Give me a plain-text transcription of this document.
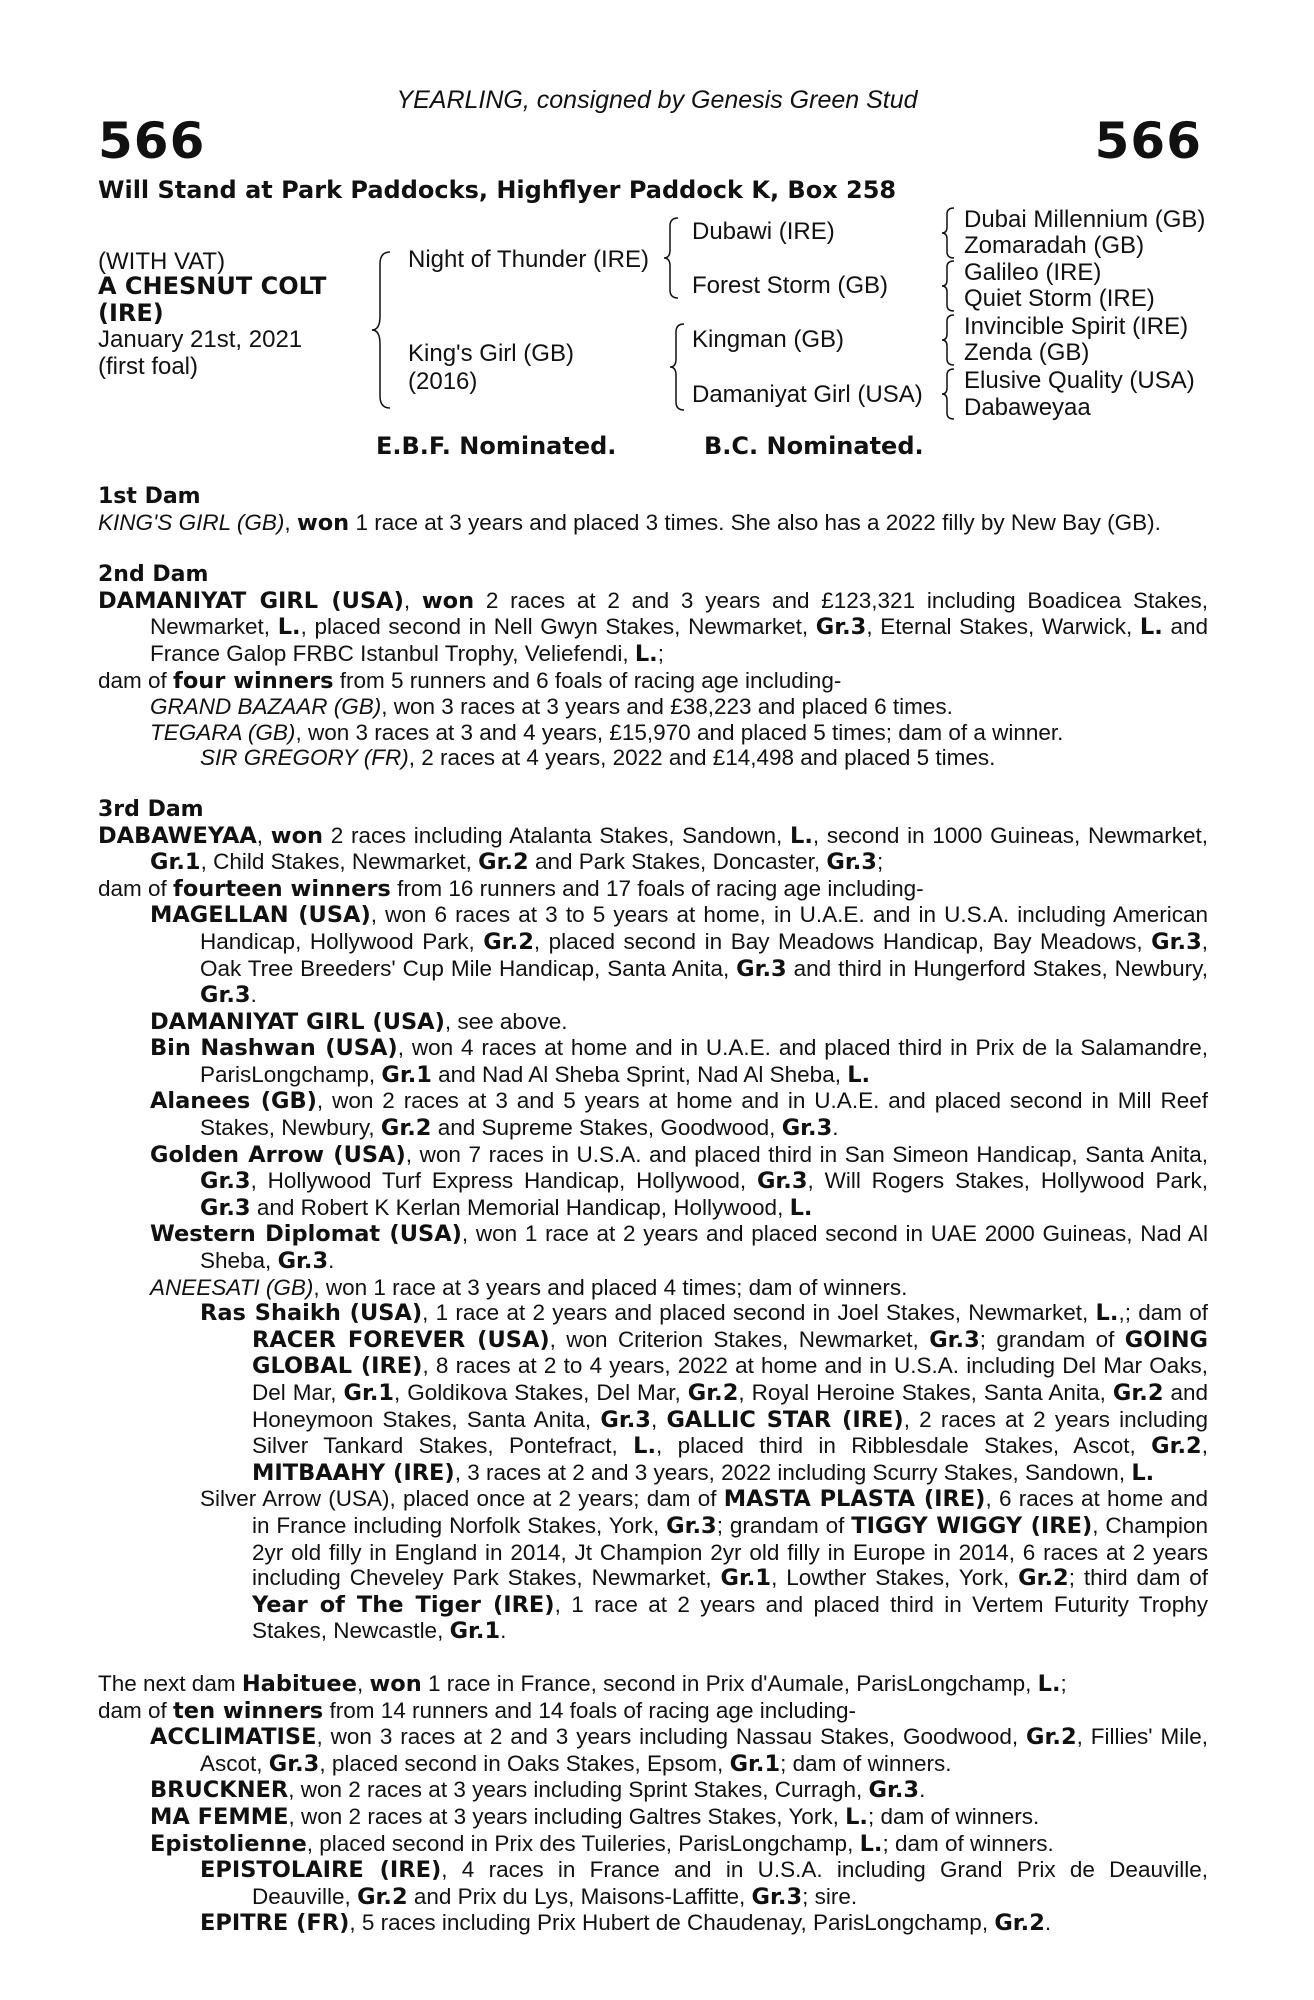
YEARLING, consigned by Genesis Green Stud
566	566
Will Stand at Park Paddocks, Highflyer Paddock K, Box 258
(WITH VAT)
A CHESNUT COLT
(IRE)
January 21st, 2021
(first foal)
Night of Thunder (IRE)
King's Girl (GB)
(2016)
Dubawi (IRE)
Forest Storm (GB)
Kingman (GB)
Damaniyat Girl (USA)
Dubai Millennium (GB)
Zomaradah (GB)
Galileo (IRE)
Quiet Storm (IRE)
Invincible Spirit (IRE)
Zenda (GB)
Elusive Quality (USA)
Dabaweyaa
E.B.F. Nominated.	B.C. Nominated.
1st Dam
KING'S GIRL (GB), won 1 race at 3 years and placed 3 times. She also has a 2022 filly by New Bay (GB).
2nd Dam
DAMANIYAT GIRL (USA), won 2 races at 2 and 3 years and £123,321 including Boadicea Stakes, Newmarket, L., placed second in Nell Gwyn Stakes, Newmarket, Gr.3, Eternal Stakes, Warwick, L. and France Galop FRBC Istanbul Trophy, Veliefendi, L.;
dam of four winners from 5 runners and 6 foals of racing age including-
GRAND BAZAAR (GB), won 3 races at 3 years and £38,223 and placed 6 times.
TEGARA (GB), won 3 races at 3 and 4 years, £15,970 and placed 5 times; dam of a winner.
SIR GREGORY (FR), 2 races at 4 years, 2022 and £14,498 and placed 5 times.
3rd Dam
DABAWEYAA, won 2 races including Atalanta Stakes, Sandown, L., second in 1000 Guineas, Newmarket, Gr.1, Child Stakes, Newmarket, Gr.2 and Park Stakes, Doncaster, Gr.3;
dam of fourteen winners from 16 runners and 17 foals of racing age including-
MAGELLAN (USA), won 6 races at 3 to 5 years at home, in U.A.E. and in U.S.A. including American Handicap, Hollywood Park, Gr.2, placed second in Bay Meadows Handicap, Bay Meadows, Gr.3, Oak Tree Breeders' Cup Mile Handicap, Santa Anita, Gr.3 and third in Hungerford Stakes, Newbury, Gr.3.
DAMANIYAT GIRL (USA), see above.
Bin Nashwan (USA), won 4 races at home and in U.A.E. and placed third in Prix de la Salamandre, ParisLongchamp, Gr.1 and Nad Al Sheba Sprint, Nad Al Sheba, L.
Alanees (GB), won 2 races at 3 and 5 years at home and in U.A.E. and placed second in Mill Reef Stakes, Newbury, Gr.2 and Supreme Stakes, Goodwood, Gr.3.
Golden Arrow (USA), won 7 races in U.S.A. and placed third in San Simeon Handicap, Santa Anita, Gr.3, Hollywood Turf Express Handicap, Hollywood, Gr.3, Will Rogers Stakes, Hollywood Park, Gr.3 and Robert K Kerlan Memorial Handicap, Hollywood, L.
Western Diplomat (USA), won 1 race at 2 years and placed second in UAE 2000 Guineas, Nad Al Sheba, Gr.3.
ANEESATI (GB), won 1 race at 3 years and placed 4 times; dam of winners.
Ras Shaikh (USA), 1 race at 2 years and placed second in Joel Stakes, Newmarket, L.,; dam of RACER FOREVER (USA), won Criterion Stakes, Newmarket, Gr.3; grandam of GOING GLOBAL (IRE), 8 races at 2 to 4 years, 2022 at home and in U.S.A. including Del Mar Oaks, Del Mar, Gr.1, Goldikova Stakes, Del Mar, Gr.2, Royal Heroine Stakes, Santa Anita, Gr.2 and Honeymoon Stakes, Santa Anita, Gr.3, GALLIC STAR (IRE), 2 races at 2 years including Silver Tankard Stakes, Pontefract, L., placed third in Ribblesdale Stakes, Ascot, Gr.2, MITBAAHY (IRE), 3 races at 2 and 3 years, 2022 including Scurry Stakes, Sandown, L.
Silver Arrow (USA), placed once at 2 years; dam of MASTA PLASTA (IRE), 6 races at home and in France including Norfolk Stakes, York, Gr.3; grandam of TIGGY WIGGY (IRE), Champion 2yr old filly in England in 2014, Jt Champion 2yr old filly in Europe in 2014, 6 races at 2 years including Cheveley Park Stakes, Newmarket, Gr.1, Lowther Stakes, York, Gr.2; third dam of Year of The Tiger (IRE), 1 race at 2 years and placed third in Vertem Futurity Trophy Stakes, Newcastle, Gr.1.
The next dam Habituee, won 1 race in France, second in Prix d'Aumale, ParisLongchamp, L.;
dam of ten winners from 14 runners and 14 foals of racing age including-
ACCLIMATISE, won 3 races at 2 and 3 years including Nassau Stakes, Goodwood, Gr.2, Fillies' Mile, Ascot, Gr.3, placed second in Oaks Stakes, Epsom, Gr.1; dam of winners.
BRUCKNER, won 2 races at 3 years including Sprint Stakes, Curragh, Gr.3.
MA FEMME, won 2 races at 3 years including Galtres Stakes, York, L.; dam of winners.
Epistolienne, placed second in Prix des Tuileries, ParisLongchamp, L.; dam of winners.
EPISTOLAIRE (IRE), 4 races in France and in U.S.A. including Grand Prix de Deauville, Deauville, Gr.2 and Prix du Lys, Maisons-Laffitte, Gr.3; sire.
EPITRE (FR), 5 races including Prix Hubert de Chaudenay, ParisLongchamp, Gr.2.
